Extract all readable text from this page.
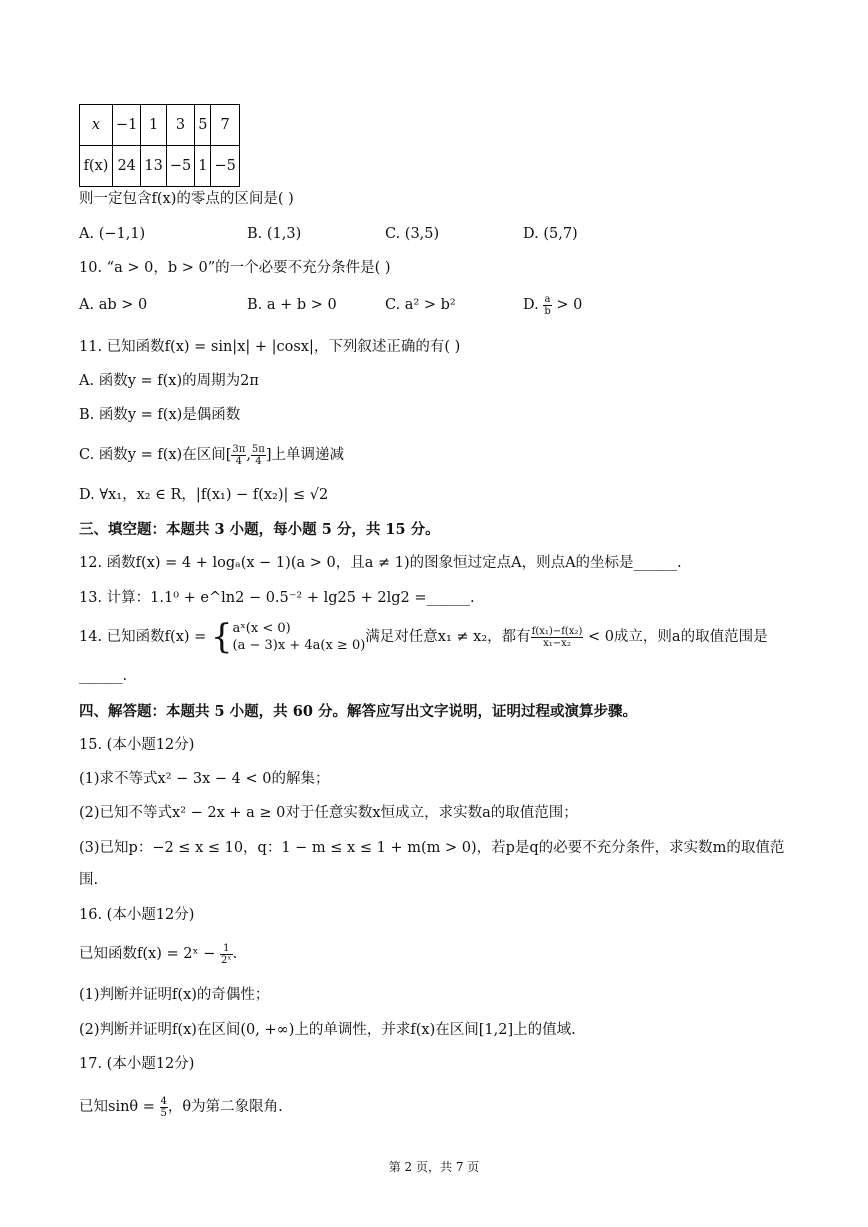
x	−1	1	3	5	7
f(x)	24	13	−5	1	−5
则一定包含f(x)的零点的区间是( )
A. (−1,1)	B. (1,3)	C. (3,5)	D. (5,7)
10. “a > 0，b > 0”的一个必要不充分条件是( )
A. ab > 0	B. a + b > 0	C. a² > b²	D. $\frac{a}{b} > 0$
11. 已知函数f(x) = sin|x| + |cosx|，下列叙述正确的有( )
A. 函数y = f(x)的周期为2π
B. 函数y = f(x)是偶函数
C. 函数y = f(x)在区间[ $\frac{3\pi}{4}$ , $\frac{5\pi}{4}$ ]上单调递减
D. ∀x₁，x₂ ∈ R，|f(x₁) − f(x₂)| ≤ √2
三、填空题：本题共 3 小题，每小题 5 分，共 15 分。
12. 函数f(x) = 4 + logₐ(x − 1)(a > 0，且a ≠ 1)的图象恒过定点A，则点A的坐标是______.
13. 计算：1.1⁰ + e^ln2 − 0.5⁻² + lg25 + 2lg2 =______.
14. 已知函数f(x) = { aˣ(x < 0)
(a − 3)x + 4a(x ≥ 0)
满足对任意x₁ ≠ x₂，都有 $\frac{\text{f(x₁)−f(x₂)}}{\text{x₁−x₂}} < 0$成立，则a的取值范围是
______.
四、解答题：本题共 5 小题，共 60 分。解答应写出文字说明，证明过程或演算步骤。
15. (本小题12分)
(1)求不等式x² − 3x − 4 < 0的解集；
(2)已知不等式x² − 2x + a ≥ 0对于任意实数x恒成立，求实数a的取值范围；
(3)已知p：−2 ≤ x ≤ 10，q：1 − m ≤ x ≤ 1 + m(m > 0)，若p是q的必要不充分条件，求实数m的取值范
围.
16. (本小题12分)
已知函数f(x) = 2ˣ − $\frac{1}{\text{2ˣ}}$ .
(1)判断并证明f(x)的奇偶性；
(2)判断并证明f(x)在区间(0, +∞)上的单调性，并求f(x)在区间[1,2]上的值域.
17. (本小题12分)
已知$\sin\theta = \frac{4}{5}$ ，θ为第二象限角.
第 2 页，共 7 页
